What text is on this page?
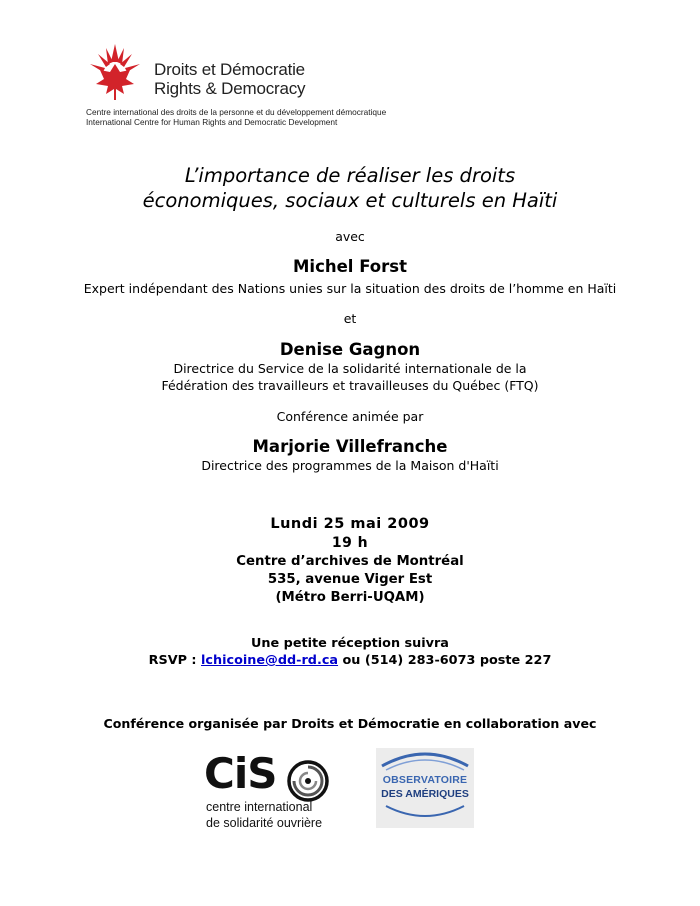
Droits et Démocratie
Rights & Democracy
Centre international des droits de la personne et du développement démocratique
International Centre for Human Rights and Democratic Development
L’importance de réaliser les droits
économiques, sociaux et culturels en Haïti
avec
Michel Forst
Expert indépendant des Nations unies sur la situation des droits de l’homme en Haïti
et
Denise Gagnon
Directrice du Service de la solidarité internationale de la
Fédération des travailleurs et travailleuses du Québec (FTQ)
Conférence animée par
Marjorie Villefranche
Directrice des programmes de la Maison d'Haïti
Lundi 25 mai 2009
19 h
Centre d’archives de Montréal
535, avenue Viger Est
(Métro Berri-UQAM)
Une petite réception suivra
RSVP : lchicoine@dd-rd.ca ou (514) 283-6073 poste 227
Conférence organisée par Droits et Démocratie en collaboration avec
CiS
centre international
de solidarité ouvrière
OBSERVATOIRE
DES AMÉRIQUES
